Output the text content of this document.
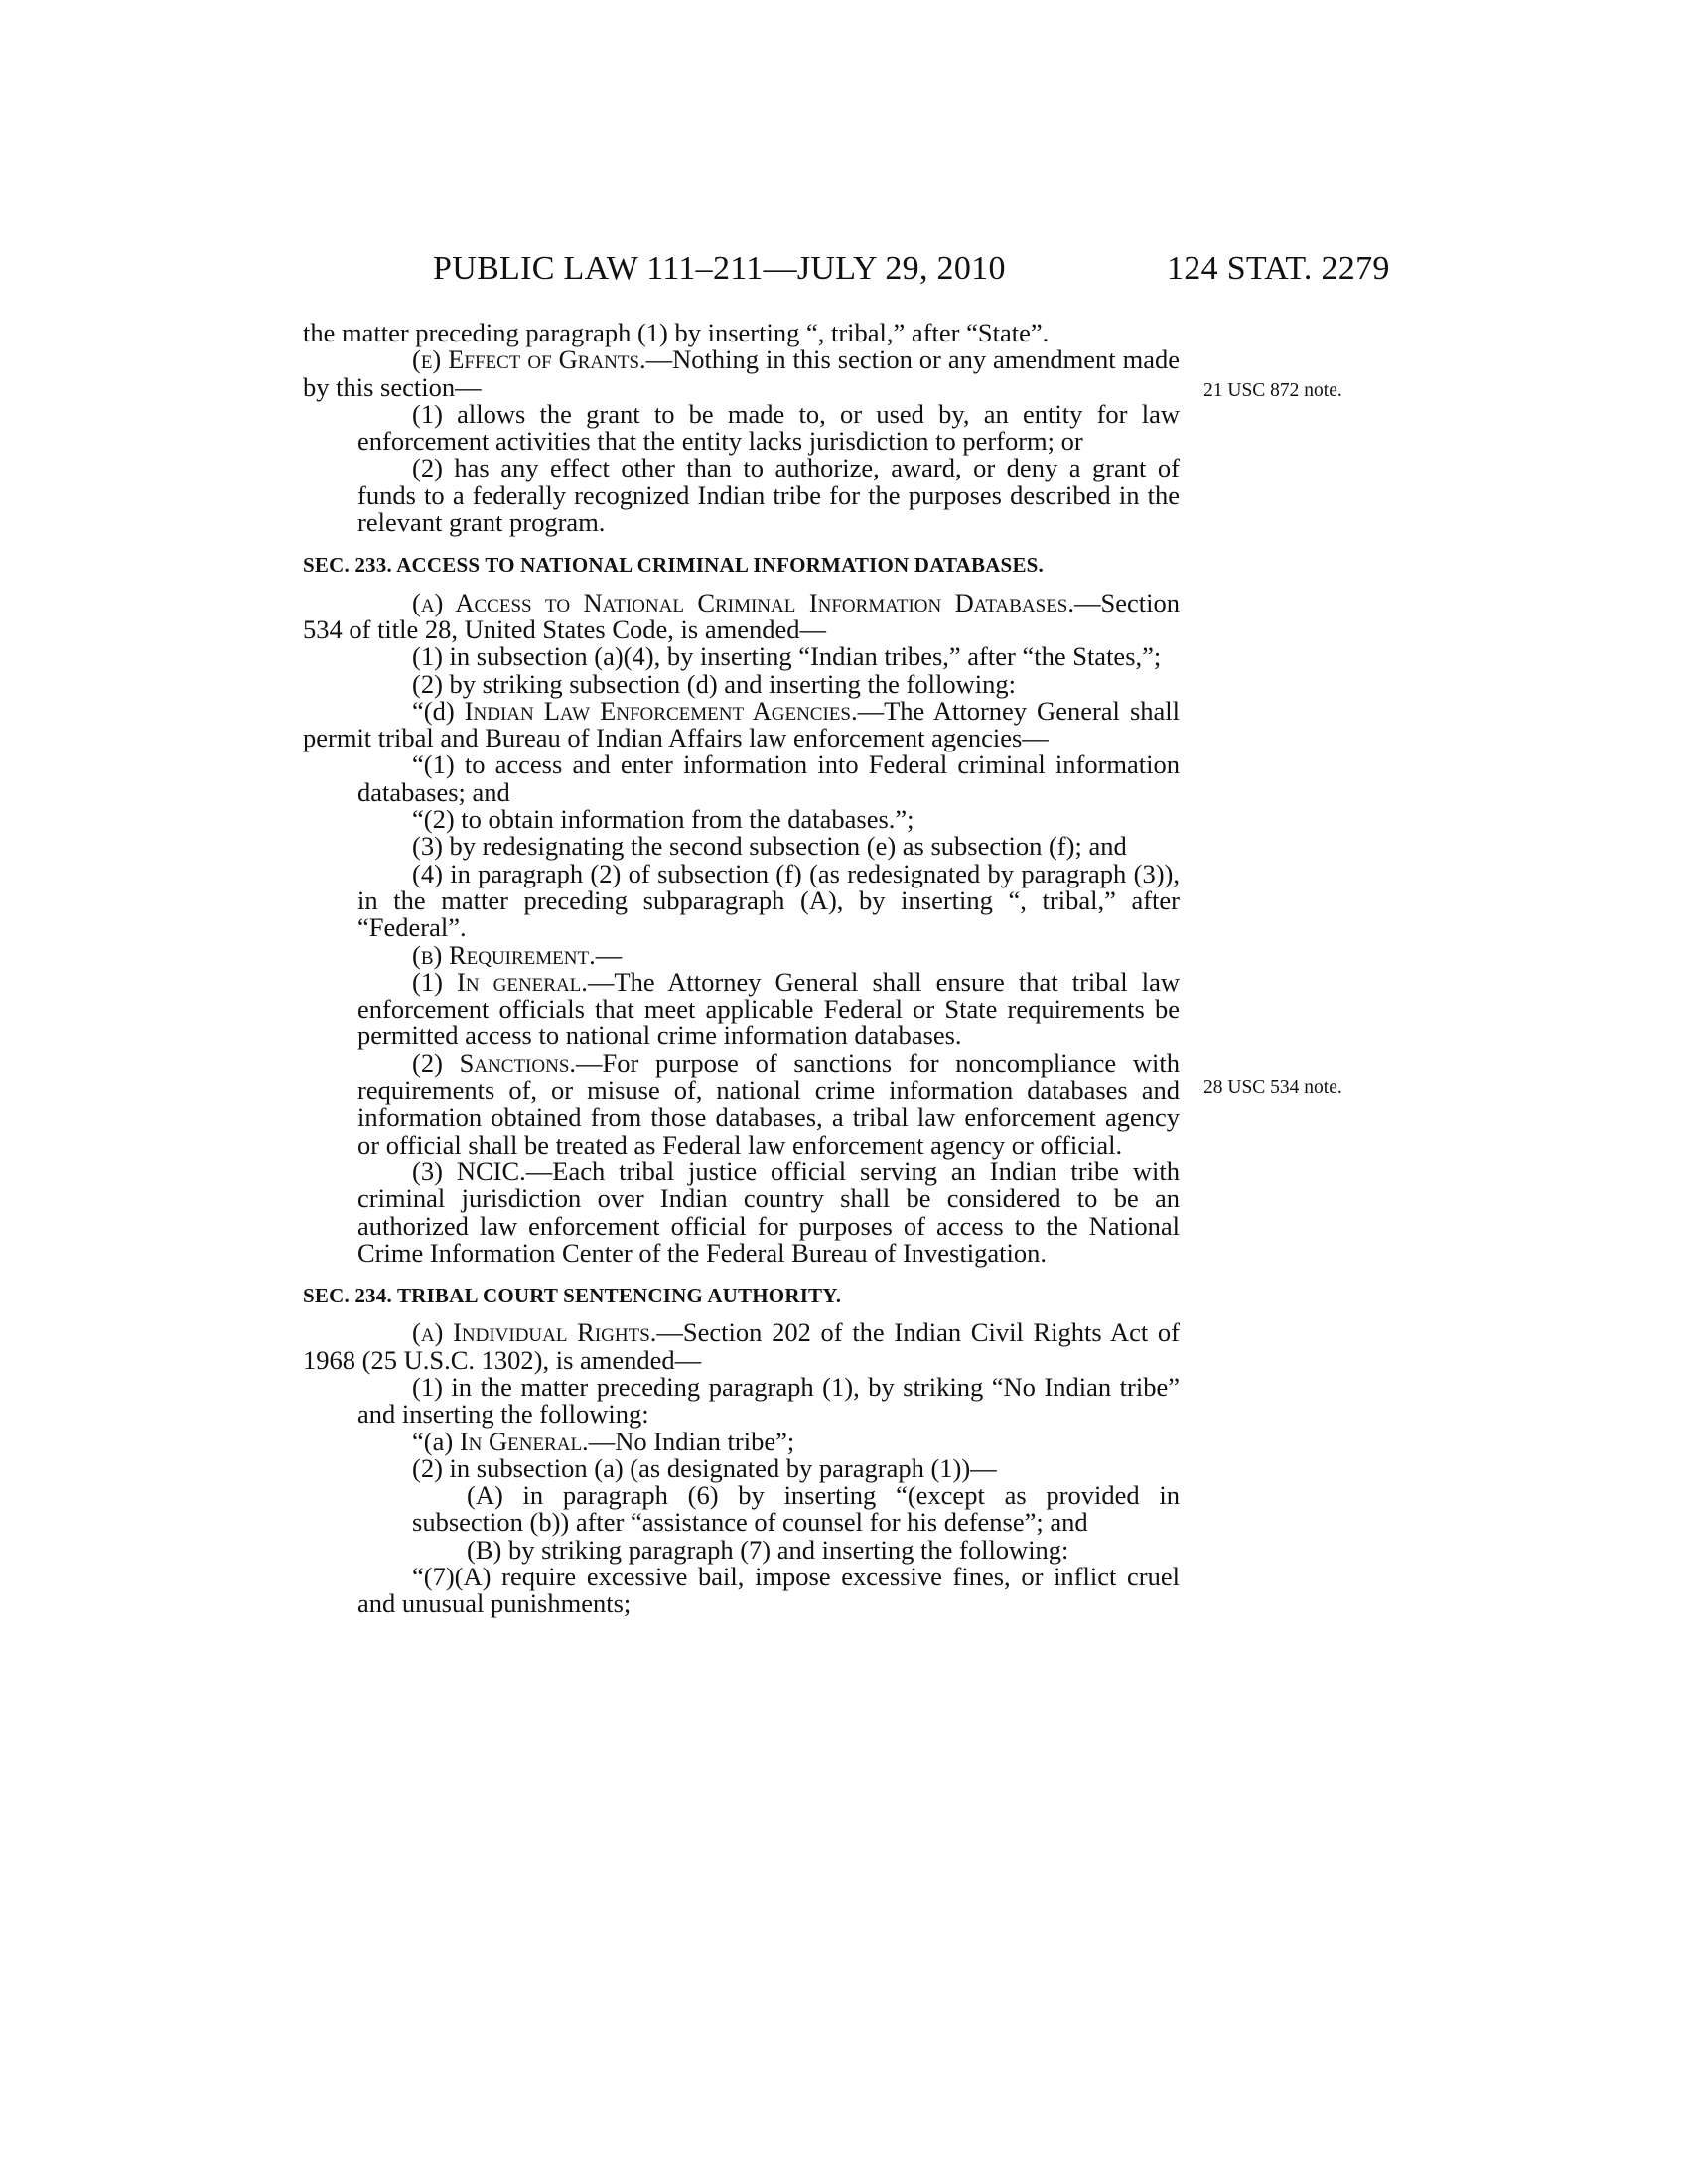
PUBLIC LAW 111–211—JULY 29, 2010	124 STAT. 2279
21 USC 872 note.
28 USC 534 note.

the matter preceding paragraph (1) by inserting “, tribal,” after “State”.

(e) Effect of Grants.—Nothing in this section or any amendment made by this section—

(1) allows the grant to be made to, or used by, an entity for law enforcement activities that the entity lacks jurisdiction to perform; or

(2) has any effect other than to authorize, award, or deny a grant of funds to a federally recognized Indian tribe for the purposes described in the relevant grant program.

SEC. 233. ACCESS TO NATIONAL CRIMINAL INFORMATION DATABASES.

(a) Access to National Criminal Information Databases.—Section 534 of title 28, United States Code, is amended—

(1) in subsection (a)(4), by inserting “Indian tribes,” after “the States,”;

(2) by striking subsection (d) and inserting the following:

“(d) Indian Law Enforcement Agencies.—The Attorney General shall permit tribal and Bureau of Indian Affairs law enforcement agencies—

“(1) to access and enter information into Federal criminal information databases; and

“(2) to obtain information from the databases.”;

(3) by redesignating the second subsection (e) as subsection (f); and

(4) in paragraph (2) of subsection (f) (as redesignated by paragraph (3)), in the matter preceding subparagraph (A), by inserting “, tribal,” after “Federal”.

(b) Requirement.—

(1) In general.—The Attorney General shall ensure that tribal law enforcement officials that meet applicable Federal or State requirements be permitted access to national crime information databases.

(2) Sanctions.—For purpose of sanctions for noncompliance with requirements of, or misuse of, national crime information databases and information obtained from those databases, a tribal law enforcement agency or official shall be treated as Federal law enforcement agency or official.

(3) NCIC.—Each tribal justice official serving an Indian tribe with criminal jurisdiction over Indian country shall be considered to be an authorized law enforcement official for purposes of access to the National Crime Information Center of the Federal Bureau of Investigation.

SEC. 234. TRIBAL COURT SENTENCING AUTHORITY.

(a) Individual Rights.—Section 202 of the Indian Civil Rights Act of 1968 (25 U.S.C. 1302), is amended—

(1) in the matter preceding paragraph (1), by striking “No Indian tribe” and inserting the following:

“(a) In General.—No Indian tribe”;

(2) in subsection (a) (as designated by paragraph (1))—

(A) in paragraph (6) by inserting “(except as provided in subsection (b)) after “assistance of counsel for his defense”; and

(B) by striking paragraph (7) and inserting the following:

“(7)(A) require excessive bail, impose excessive fines, or inflict cruel and unusual punishments;
